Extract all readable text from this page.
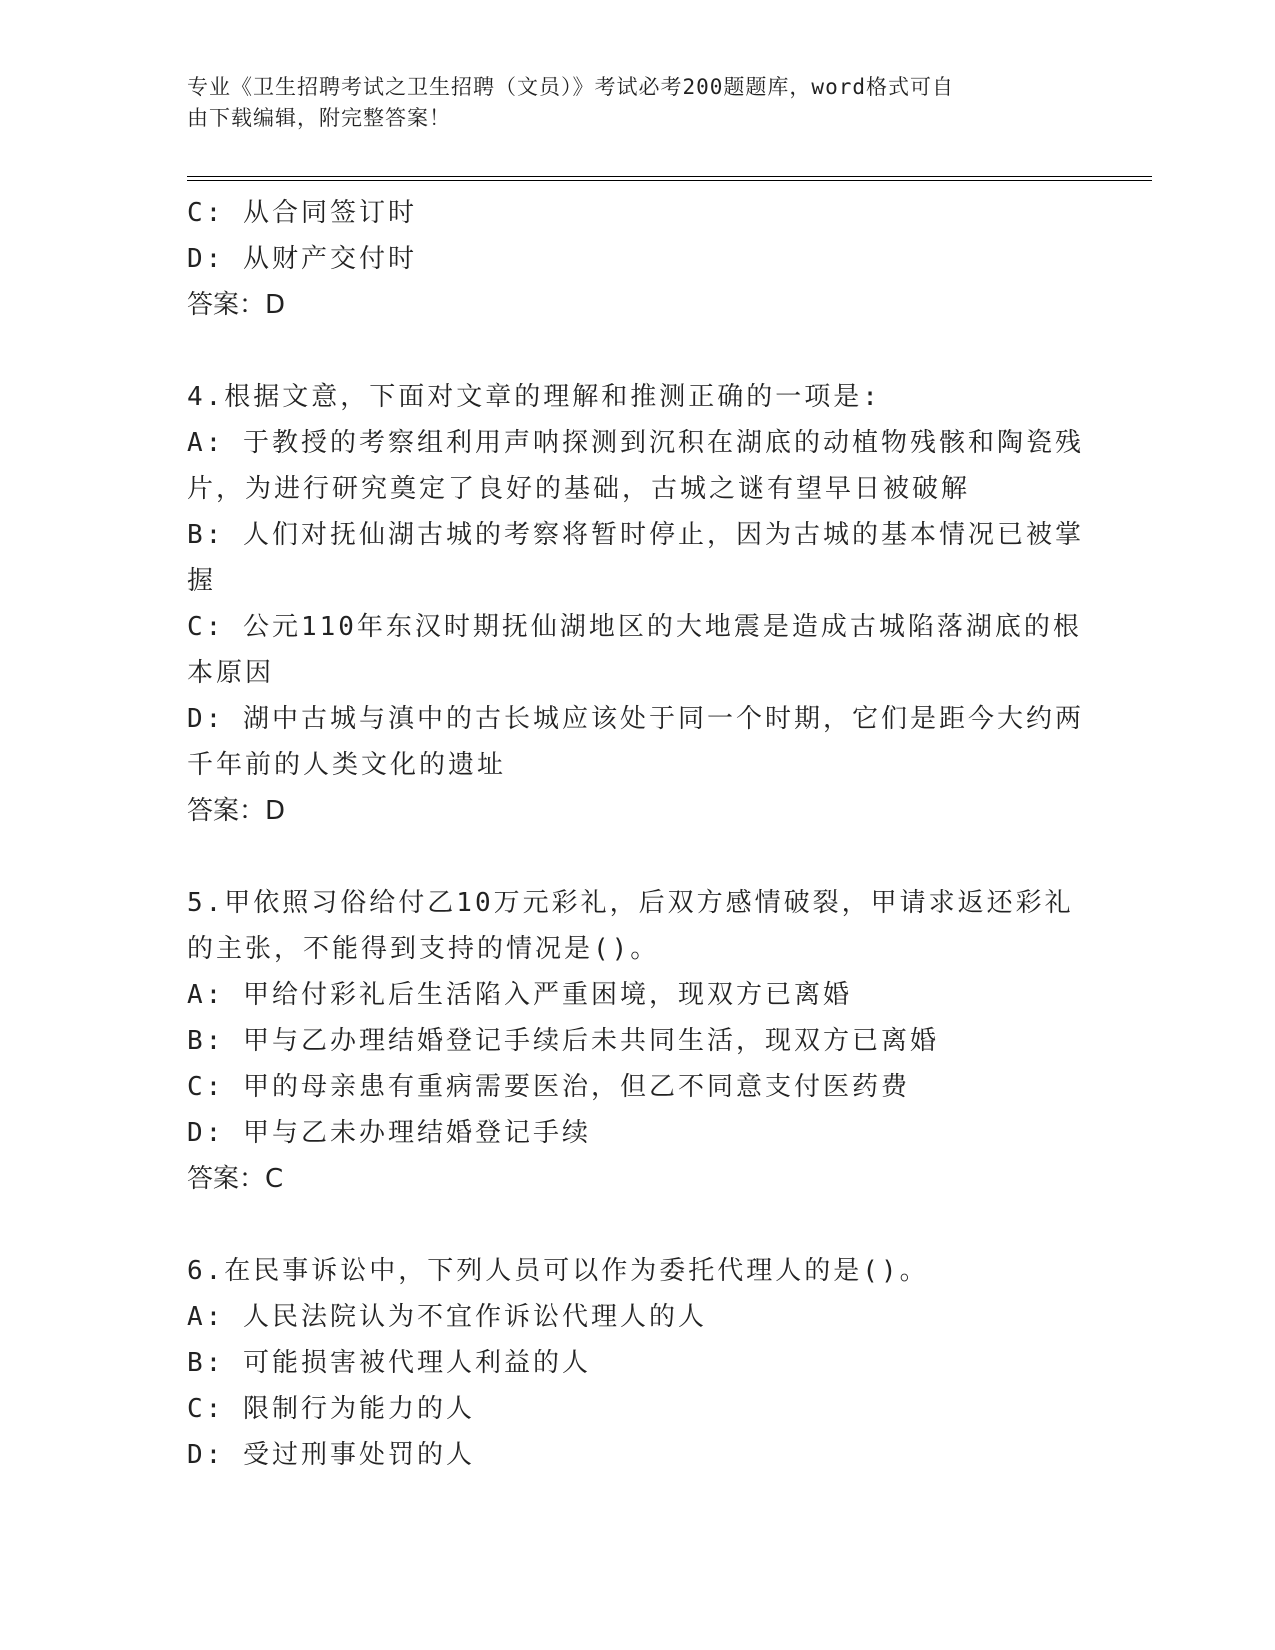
专业《卫生招聘考试之卫生招聘（文员）》考试必考200题题库，word格式可自
由下载编辑，附完整答案！
C: 从合同签订时
D: 从财产交付时
答案：D
4.根据文意，下面对文章的理解和推测正确的一项是:
A: 于教授的考察组利用声呐探测到沉积在湖底的动植物残骸和陶瓷残
片，为进行研究奠定了良好的基础，古城之谜有望早日被破解
B: 人们对抚仙湖古城的考察将暂时停止，因为古城的基本情况已被掌
握
C: 公元110年东汉时期抚仙湖地区的大地震是造成古城陷落湖底的根
本原因
D: 湖中古城与滇中的古长城应该处于同一个时期，它们是距今大约两
千年前的人类文化的遗址
答案：D
5.甲依照习俗给付乙10万元彩礼，后双方感情破裂，甲请求返还彩礼
的主张，不能得到支持的情况是()。
A: 甲给付彩礼后生活陷入严重困境，现双方已离婚
B: 甲与乙办理结婚登记手续后未共同生活，现双方已离婚
C: 甲的母亲患有重病需要医治，但乙不同意支付医药费
D: 甲与乙未办理结婚登记手续
答案：C
6.在民事诉讼中，下列人员可以作为委托代理人的是()。
A: 人民法院认为不宜作诉讼代理人的人
B: 可能损害被代理人利益的人
C: 限制行为能力的人
D: 受过刑事处罚的人
